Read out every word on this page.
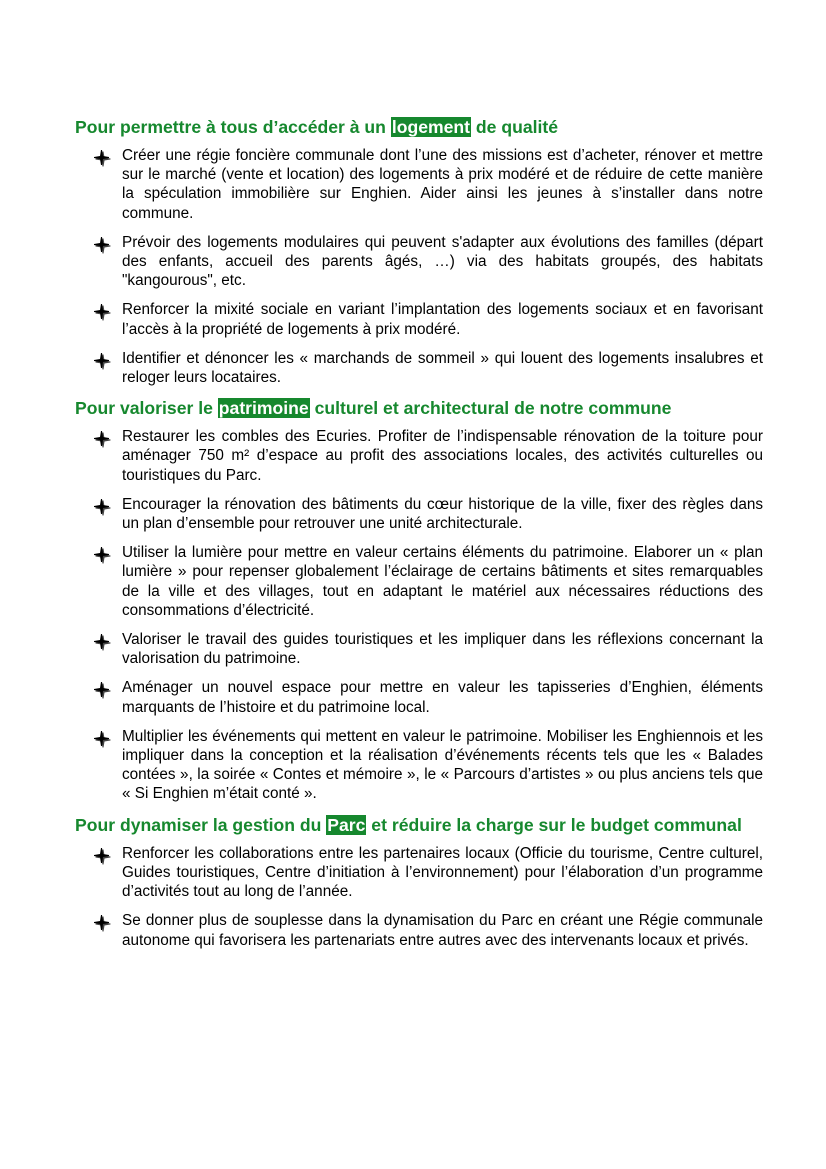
Pour permettre à tous d’accéder à un logement de qualité
Créer une régie foncière communale dont l’une des missions est d’acheter, rénover et mettre sur le marché (vente et location) des logements à prix modéré et de réduire de cette manière la spéculation immobilière sur Enghien. Aider ainsi les jeunes à s’installer dans notre commune.
Prévoir des logements modulaires qui peuvent s'adapter aux évolutions des familles (départ des enfants, accueil des parents âgés, …) via des habitats groupés, des habitats "kangourous", etc.
Renforcer la mixité sociale en variant l’implantation des logements sociaux et en favorisant l’accès à la propriété de logements à prix modéré.
Identifier et dénoncer les « marchands de sommeil » qui louent des logements insalubres et reloger leurs locataires.
Pour valoriser le patrimoine culturel et architectural de notre commune
Restaurer les combles des Ecuries. Profiter de l’indispensable rénovation de la toiture pour aménager 750 m² d’espace au profit des associations locales, des activités culturelles ou touristiques du Parc.
Encourager la rénovation des bâtiments du cœur historique de la ville, fixer des règles dans un plan d’ensemble pour retrouver une unité architecturale.
Utiliser la lumière pour mettre en valeur certains éléments du patrimoine. Elaborer un « plan lumière » pour repenser globalement l’éclairage de certains bâtiments et sites remarquables de la ville et des villages, tout en adaptant le matériel aux nécessaires réductions des consommations d’électricité.
Valoriser le travail des guides touristiques et les impliquer dans les réflexions concernant la valorisation du patrimoine.
Aménager un nouvel espace pour mettre en valeur les tapisseries d’Enghien, éléments marquants de l’histoire et du patrimoine local.
Multiplier les événements qui mettent en valeur le patrimoine. Mobiliser les Enghiennois et les impliquer dans la conception et la réalisation d’événements récents tels que les « Balades contées », la soirée « Contes et mémoire », le « Parcours d’artistes » ou plus anciens tels que « Si Enghien m’était conté ».
Pour dynamiser la gestion du Parc et réduire la charge sur le budget communal
Renforcer les collaborations entre les partenaires locaux (Officie du tourisme, Centre culturel, Guides touristiques, Centre d’initiation à l’environnement) pour l’élaboration d’un programme d’activités tout au long de l’année.
Se donner plus de souplesse dans la dynamisation du Parc en créant une Régie communale autonome qui favorisera les partenariats entre autres avec des intervenants locaux et privés.
